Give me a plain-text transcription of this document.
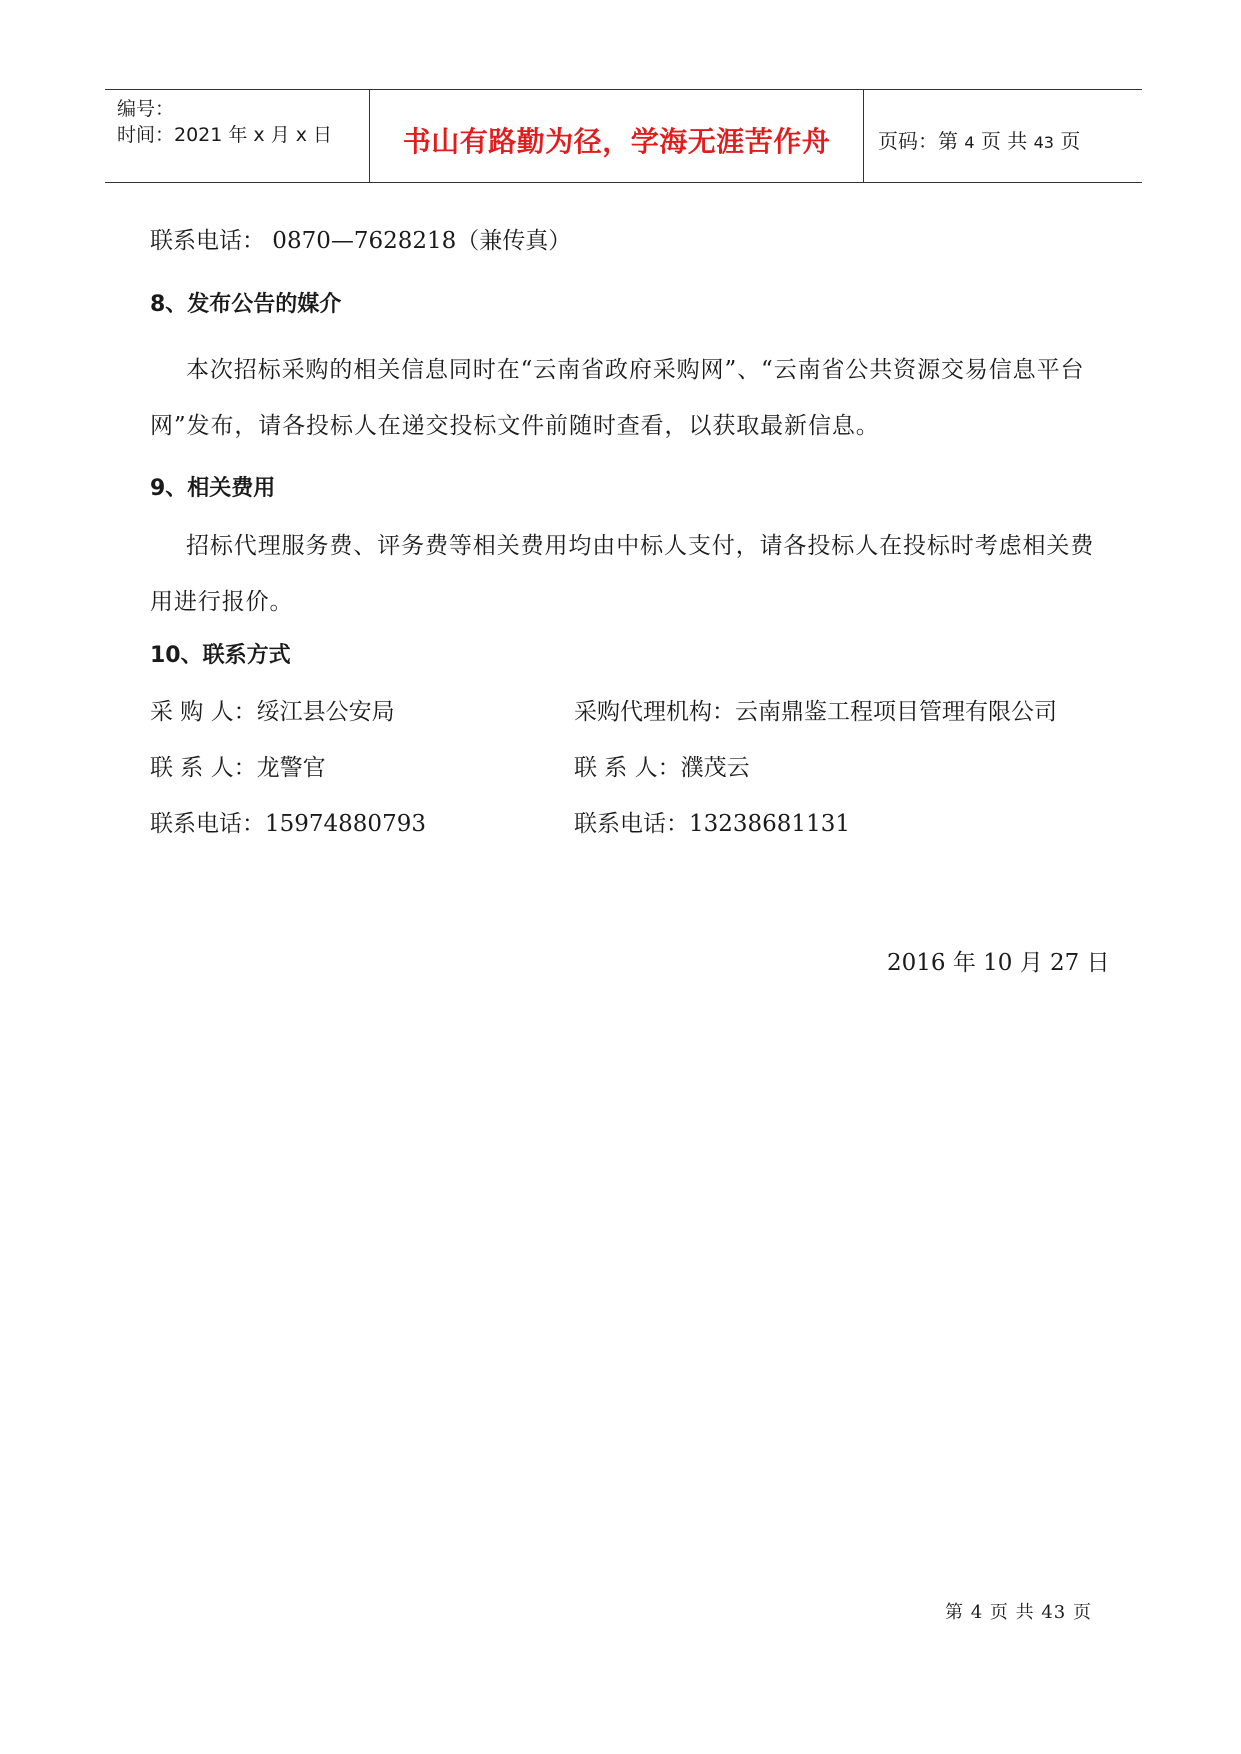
编号：
时间：2021 年 x 月 x 日	书山有路勤为径，学海无涯苦作舟	页码：第 4 页 共 43 页
联系电话： 0870—7628218（兼传真）
8、发布公告的媒介
本次招标采购的相关信息同时在“云南省政府采购网”、“云南省公共资源交易信息平台网”发布，请各投标人在递交投标文件前随时查看，以获取最新信息。
9、相关费用
招标代理服务费、评务费等相关费用均由中标人支付，请各投标人在投标时考虑相关费用进行报价。
10、联系方式
采 购 人：绥江县公安局	采购代理机构：云南鼎鉴工程项目管理有限公司
联 系 人：龙警官	联 系 人：濮茂云
联系电话：15974880793	联系电话：13238681131
2016 年 10 月 27 日
第 4 页 共 43 页
